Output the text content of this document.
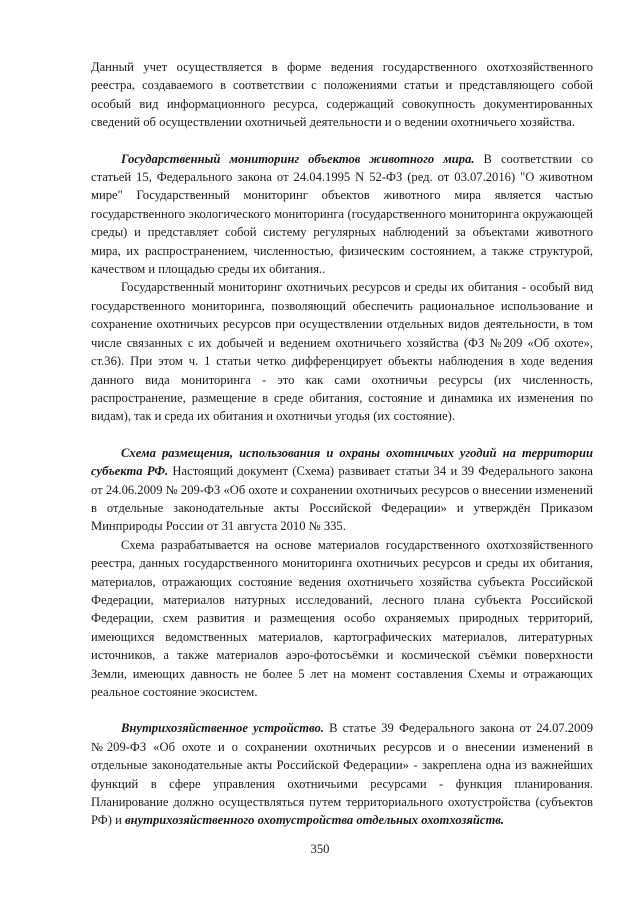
Данный учет осуществляется в форме ведения государственного охотхозяйственного реестра, создаваемого в соответствии с положениями статьи и представляющего собой особый вид информационного ресурса, содержащий совокупность документированных сведений об осуществлении охотничьей деятельности и о ведении охотничьего хозяйства.

Государственный мониторинг объектов животного мира. В соответствии со статьей 15, Федерального закона от 24.04.1995 N 52-ФЗ (ред. от 03.07.2016) "О животном мире" Государственный мониторинг объектов животного мира является частью государственного экологического мониторинга (государственного мониторинга окружающей среды) и представляет собой систему регулярных наблюдений за объектами животного мира, их распространением, численностью, физическим состоянием, а также структурой, качеством и площадью среды их обитания..

Государственный мониторинг охотничьих ресурсов и среды их обитания - особый вид государственного мониторинга, позволяющий обеспечить рациональное использование и сохранение охотничьих ресурсов при осуществлении отдельных видов деятельности, в том числе связанных с их добычей и ведением охотничьего хозяйства (ФЗ №209 «Об охоте», ст.36). При этом ч. 1 статьи четко дифференцирует объекты наблюдения в ходе ведения данного вида мониторинга - это как сами охотничьи ресурсы (их численность, распространение, размещение в среде обитания, состояние и динамика их изменения по видам), так и среда их обитания и охотничьи угодья (их состояние).

Схема размещения, использования и охраны охотничьих угодий на территории субъекта РФ. Настоящий документ (Схема) развивает статьи 34 и 39 Федерального закона от 24.06.2009 № 209-ФЗ «Об охоте и сохранении охотничьих ресурсов о внесении изменений в отдельные законодательные акты Российской Федерации» и утверждён Приказом Минприроды России от 31 августа 2010 № 335.

Схема разрабатывается на основе материалов государственного охотхозяйственного реестра, данных государственного мониторинга охотничьих ресурсов и среды их обитания, материалов, отражающих состояние ведения охотничьего хозяйства субъекта Российской Федерации, материалов натурных исследований, лесного плана субъекта Российской Федерации, схем развития и размещения особо охраняемых природных территорий, имеющихся ведомственных материалов, картографических материалов, литературных источников, а также материалов аэро-фотосъёмки и космической съёмки поверхности Земли, имеющих давность не более 5 лет на момент составления Схемы и отражающих реальное состояние экосистем.

Внутрихозяйственное устройство. В статье 39 Федерального закона от 24.07.2009 №209-ФЗ «Об охоте и о сохранении охотничьих ресурсов и о внесении изменений в отдельные законодательные акты Российской Федерации» - закреплена одна из важнейших функций в сфере управления охотничьими ресурсами - функция планирования. Планирование должно осуществляться путем территориального охотустройства (субъектов РФ) и внутрихозяйственного охотустройства отдельных охотхозяйств.

350
